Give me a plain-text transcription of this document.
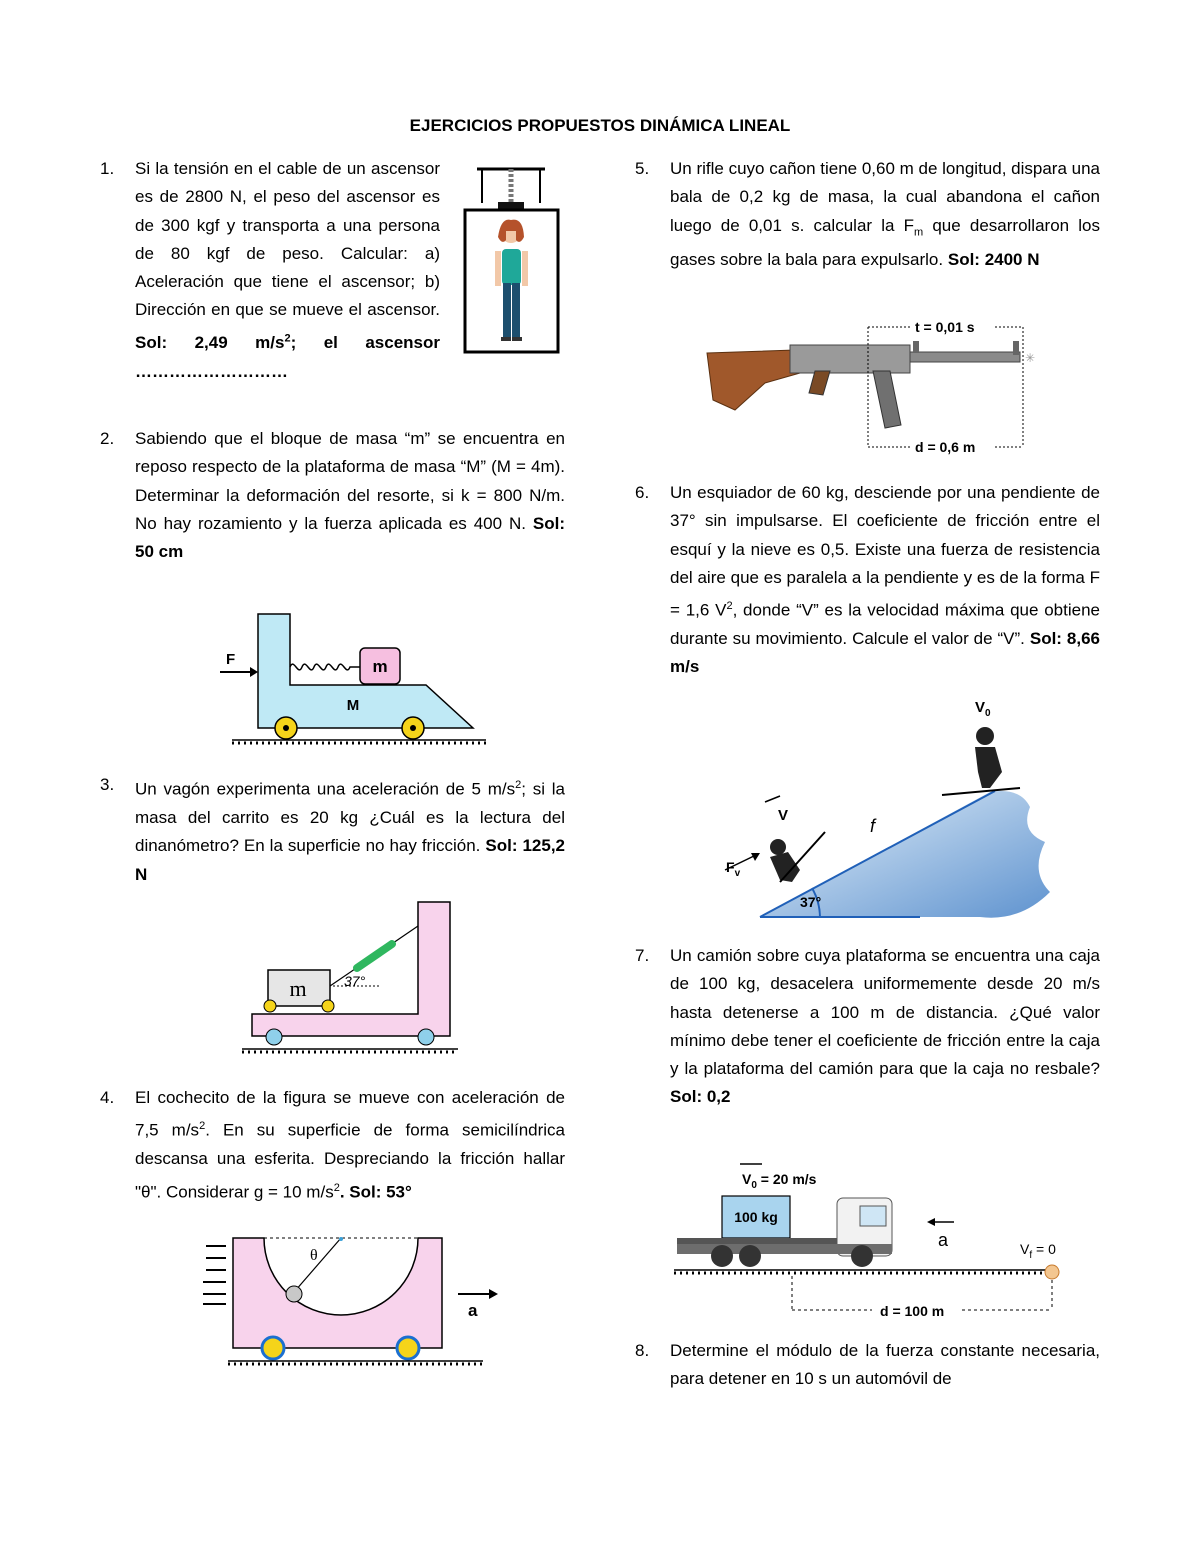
EJERCICIOS PROPUESTOS DINÁMICA LINEAL
1. Si la tensión en el cable de un ascensor es de 2800 N, el peso del ascensor es de 300 kgf y transporta a una persona de 80 kgf de peso. Calcular: a) Aceleración que tiene el ascensor; b) Dirección en que se mueve el ascensor. Sol: 2,49 $m/s^2$; el ascensor ………………………
2. Sabiendo que el bloque de masa “m” se encuentra en reposo respecto de la plataforma de masa “M” (M = 4m). Determinar la deformación del resorte, si k = 800 N/m. No hay rozamiento y la fuerza aplicada es 400 N. Sol: 50 cm
m
M
F
3. Un vagón experimenta una aceleración de 5 $m/s^2$; si la masa del carrito es 20 kg ¿Cuál es la lectura del dinanómetro? En la superficie no hay fricción. Sol: 125,2 N
m	37°
4. El cochecito de la figura se mueve con aceleración de 7,5 $m/s^2$. En su superficie de forma semicilíndrica descansa una esferita. Despreciando la fricción hallar "θ". Considerar g = 10 $m/s^2$. Sol: 53°
θ
a
5. Un rifle cuyo cañon tiene 0,60 m de longitud, dispara una bala de 0,2 kg de masa, la cual abandona el cañon luego de 0,01 s. calcular la $F_m$ que desarrollaron los gases sobre la bala para expulsarlo. Sol: 2400 N
✳
t = 0,01 s
d = 0,6 m
6. Un esquiador de 60 kg, desciende por una pendiente de 37° sin impulsarse. El coeficiente de fricción entre el esquí y la nieve es 0,5. Existe una fuerza de resistencia del aire que es paralela a la pendiente y es de la forma F = 1,6 $V^2$, donde “V” es la velocidad máxima que obtiene durante su movimiento. Calcule el valor de “V”. Sol: 8,66 m/s
37°
$V_0$
V
$F_v$
f
7. Un camión sobre cuya plataforma se encuentra una caja de 100 kg, desacelera uniformemente desde 20 m/s hasta detenerse a 100 m de distancia. ¿Qué valor mínimo debe tener el coeficiente de fricción entre la caja y la plataforma del camión para que la caja no resbale? Sol: 0,2
$V_0 = 20$ m/s
100 kg
a	$V_f = 0$
d = 100 m
8. Determine el módulo de la fuerza constante necesaria, para detener en 10 s un automóvil de
